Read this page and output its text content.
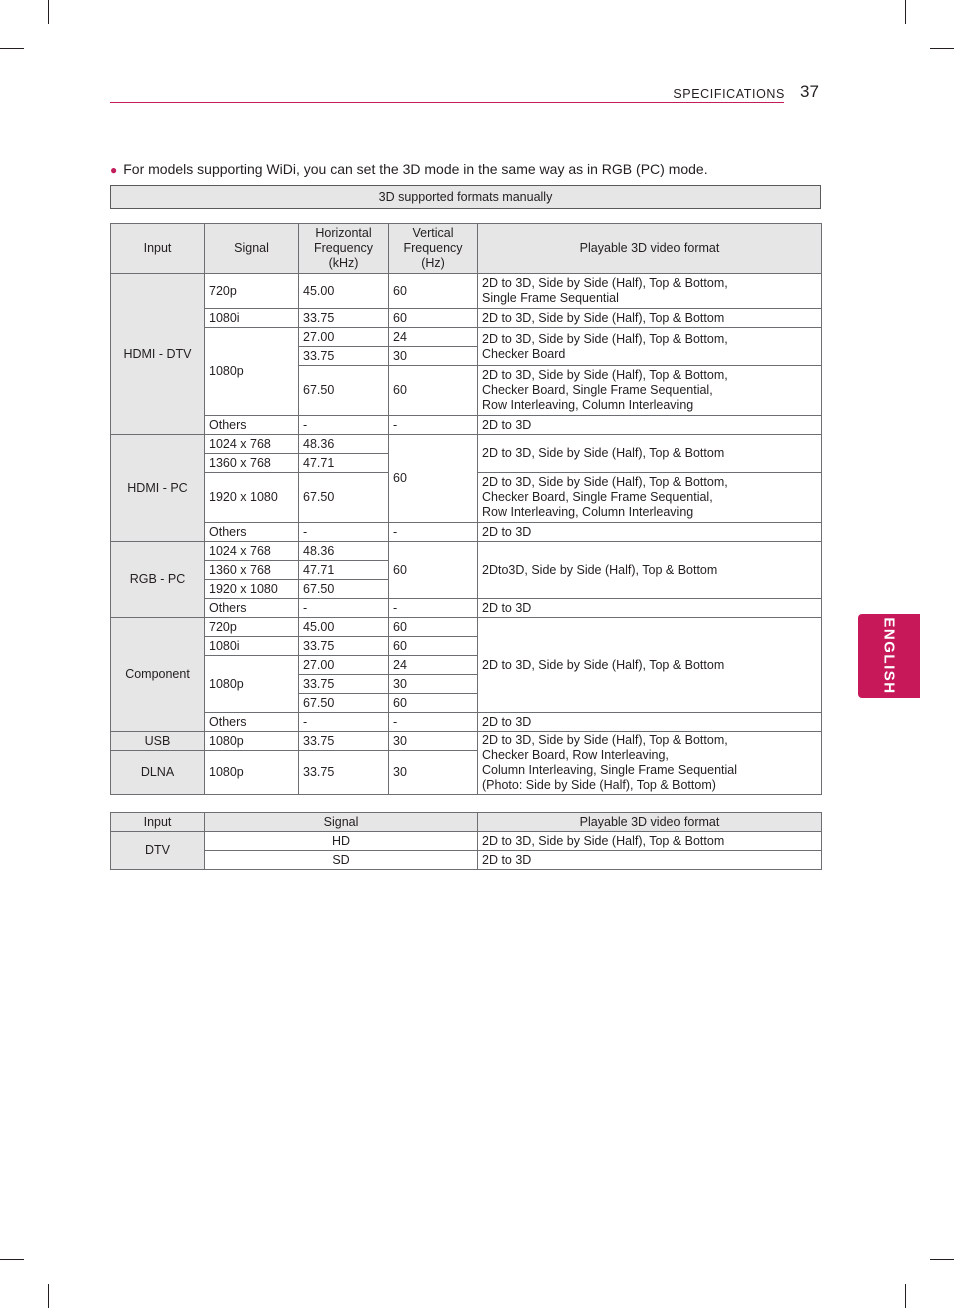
SPECIFICATIONS 37
ENGLISH
● For models supporting WiDi, you can set the 3D mode in the same way as in RGB (PC) mode.
3D supported formats manually
Input	Signal	Horizontal
Frequency
(kHz)	Vertical
Frequency
(Hz)	Playable 3D video format
HDMI - DTV	720p	45.00	60	2D to 3D, Side by Side (Half), Top & Bottom,
Single Frame Sequential
	1080i	33.75	60	2D to 3D, Side by Side (Half), Top & Bottom
	1080p	27.00	24	2D to 3D, Side by Side (Half), Top & Bottom,
Checker Board
		33.75	30	
		67.50	60	2D to 3D, Side by Side (Half), Top & Bottom,
Checker Board, Single Frame Sequential,
Row Interleaving, Column Interleaving
	Others	-	-	2D to 3D
HDMI - PC	1024 x 768	48.36	60	2D to 3D, Side by Side (Half), Top & Bottom
	1360 x 768	47.71		
	1920 x 1080	67.50		2D to 3D, Side by Side (Half), Top & Bottom,
Checker Board, Single Frame Sequential,
Row Interleaving, Column Interleaving
	Others	-	-	2D to 3D
RGB - PC	1024 x 768	48.36	60	2Dto3D, Side by Side (Half), Top & Bottom
	1360 x 768	47.71		
	1920 x 1080	67.50		
	Others	-	-	2D to 3D
Component	720p	45.00	60	2D to 3D, Side by Side (Half), Top & Bottom
	1080i	33.75	60	
	1080p	27.00	24	
		33.75	30	
		67.50	60	
	Others	-	-	2D to 3D
USB	1080p	33.75	30	2D to 3D, Side by Side (Half), Top & Bottom,
Checker Board, Row Interleaving,
Column Interleaving, Single Frame Sequential
(Photo: Side by Side (Half), Top & Bottom)
DLNA	1080p	33.75	30	
Input	Signal	Playable 3D video format
DTV	HD	2D to 3D, Side by Side (Half), Top & Bottom
	SD	2D to 3D
